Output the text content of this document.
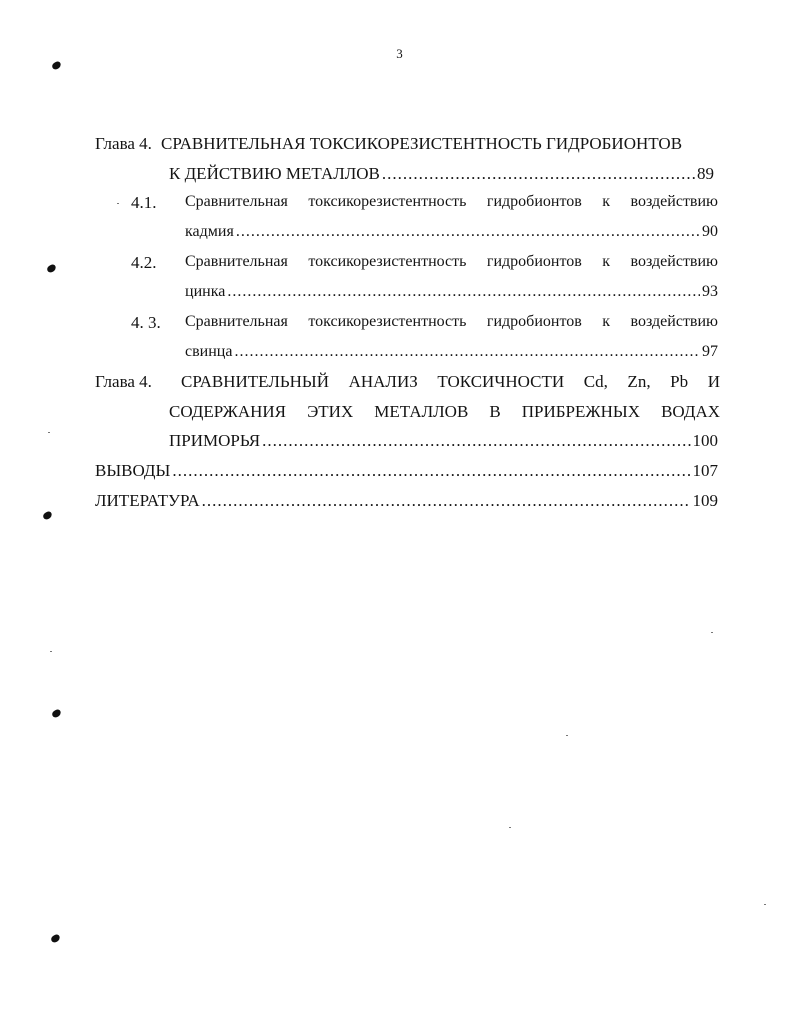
3
Глава 4. СРАВНИТЕЛЬНАЯ ТОКСИКОРЕЗИСТЕНТНОСТЬ ГИДРОБИОНТОВ
К ДЕЙСТВИЮ МЕТАЛЛОВ .....	89
4.1. Сравнительная токсикорезистентность гидробионтов к воздействию
кадмия .....	90
4.2. Сравнительная токсикорезистентность гидробионтов к воздействию
цинка .....	93
4. 3. Сравнительная токсикорезистентность гидробионтов к воздействию
свинца .....	97
Глава 4. СРАВНИТЕЛЬНЫЙ АНАЛИЗ ТОКСИЧНОСТИ Cd, Zn, Pb И
СОДЕРЖАНИЯ ЭТИХ МЕТАЛЛОВ В ПРИБРЕЖНЫХ ВОДАХ
ПРИМОРЬЯ .....	100
ВЫВОДЫ .....	107
ЛИТЕРАТУРА .....	109
